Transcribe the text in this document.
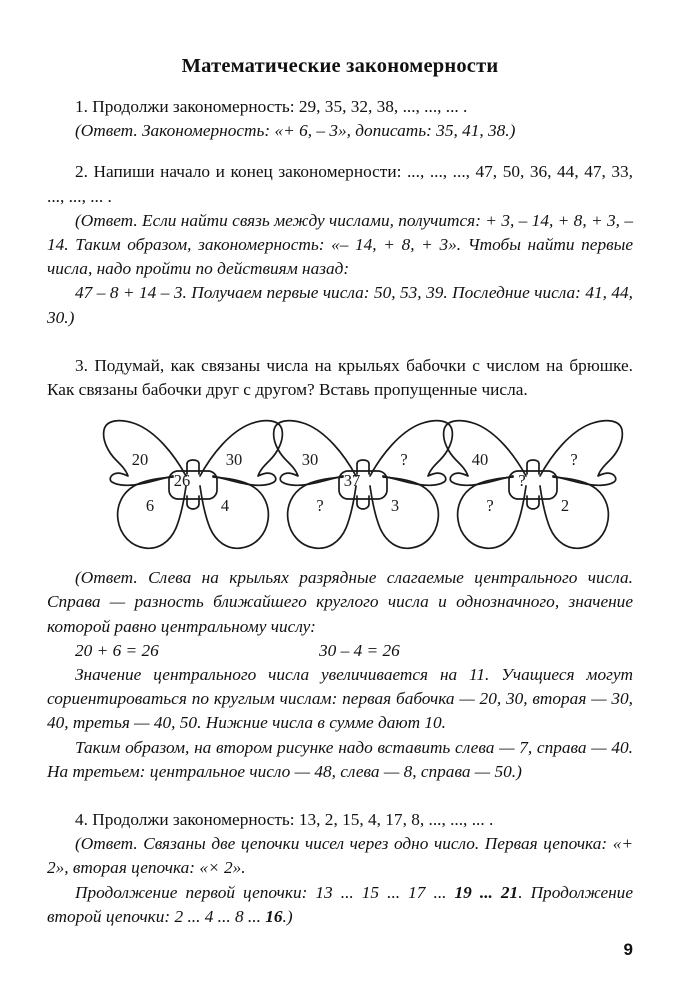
Математические закономерности

1. Продолжи закономерность: 29, 35, 32, 38, ..., ..., ... .

(Ответ. Закономерность: «+ 6, – 3», дописать: 35, 41, 38.)

2. Напиши начало и конец закономерности: ..., ..., ..., 47, 50, 36, 44, 47, 33, ..., ..., ... .

(Ответ. Если найти связь между числами, получится: + 3, – 14, + 8, + 3, – 14. Таким образом, закономерность: «– 14, + 8, + 3». Чтобы найти первые числа, надо пройти по действиям назад:

47 – 8 + 14 – 3. Получаем первые числа: 50, 53, 39. Последние числа: 41, 44, 30.)

3. Подумай, как связаны числа на крыльях бабочки с числом на брюшке. Как связаны бабочки друг с другом? Вставь пропущенные числа.

20	30
26
6	4
30	?
37
?	3
40	?
?
?	2

(Ответ. Слева на крыльях разрядные слагаемые центрального числа. Справа — разность ближайшего круглого числа и однозначного, значение которой равно центральному числу:

20 + 6 = 26	30 – 4 = 26

Значение центрального числа увеличивается на 11. Учащиеся могут сориентироваться по круглым числам: первая бабочка — 20, 30, вторая — 30, 40, третья — 40, 50. Нижние числа в сумме дают 10.

Таким образом, на втором рисунке надо вставить слева — 7, справа — 40. На третьем: центральное число — 48, слева — 8, справа — 50.)

4. Продолжи закономерность: 13, 2, 15, 4, 17, 8, ..., ..., ... .

(Ответ. Связаны две цепочки чисел через одно число. Первая цепочка: «+ 2», вторая цепочка: «× 2».

Продолжение первой цепочки: 13 ... 15 ... 17 ... 19 ... 21. Продолжение второй цепочки: 2 ... 4 ... 8 ... 16.)

9
